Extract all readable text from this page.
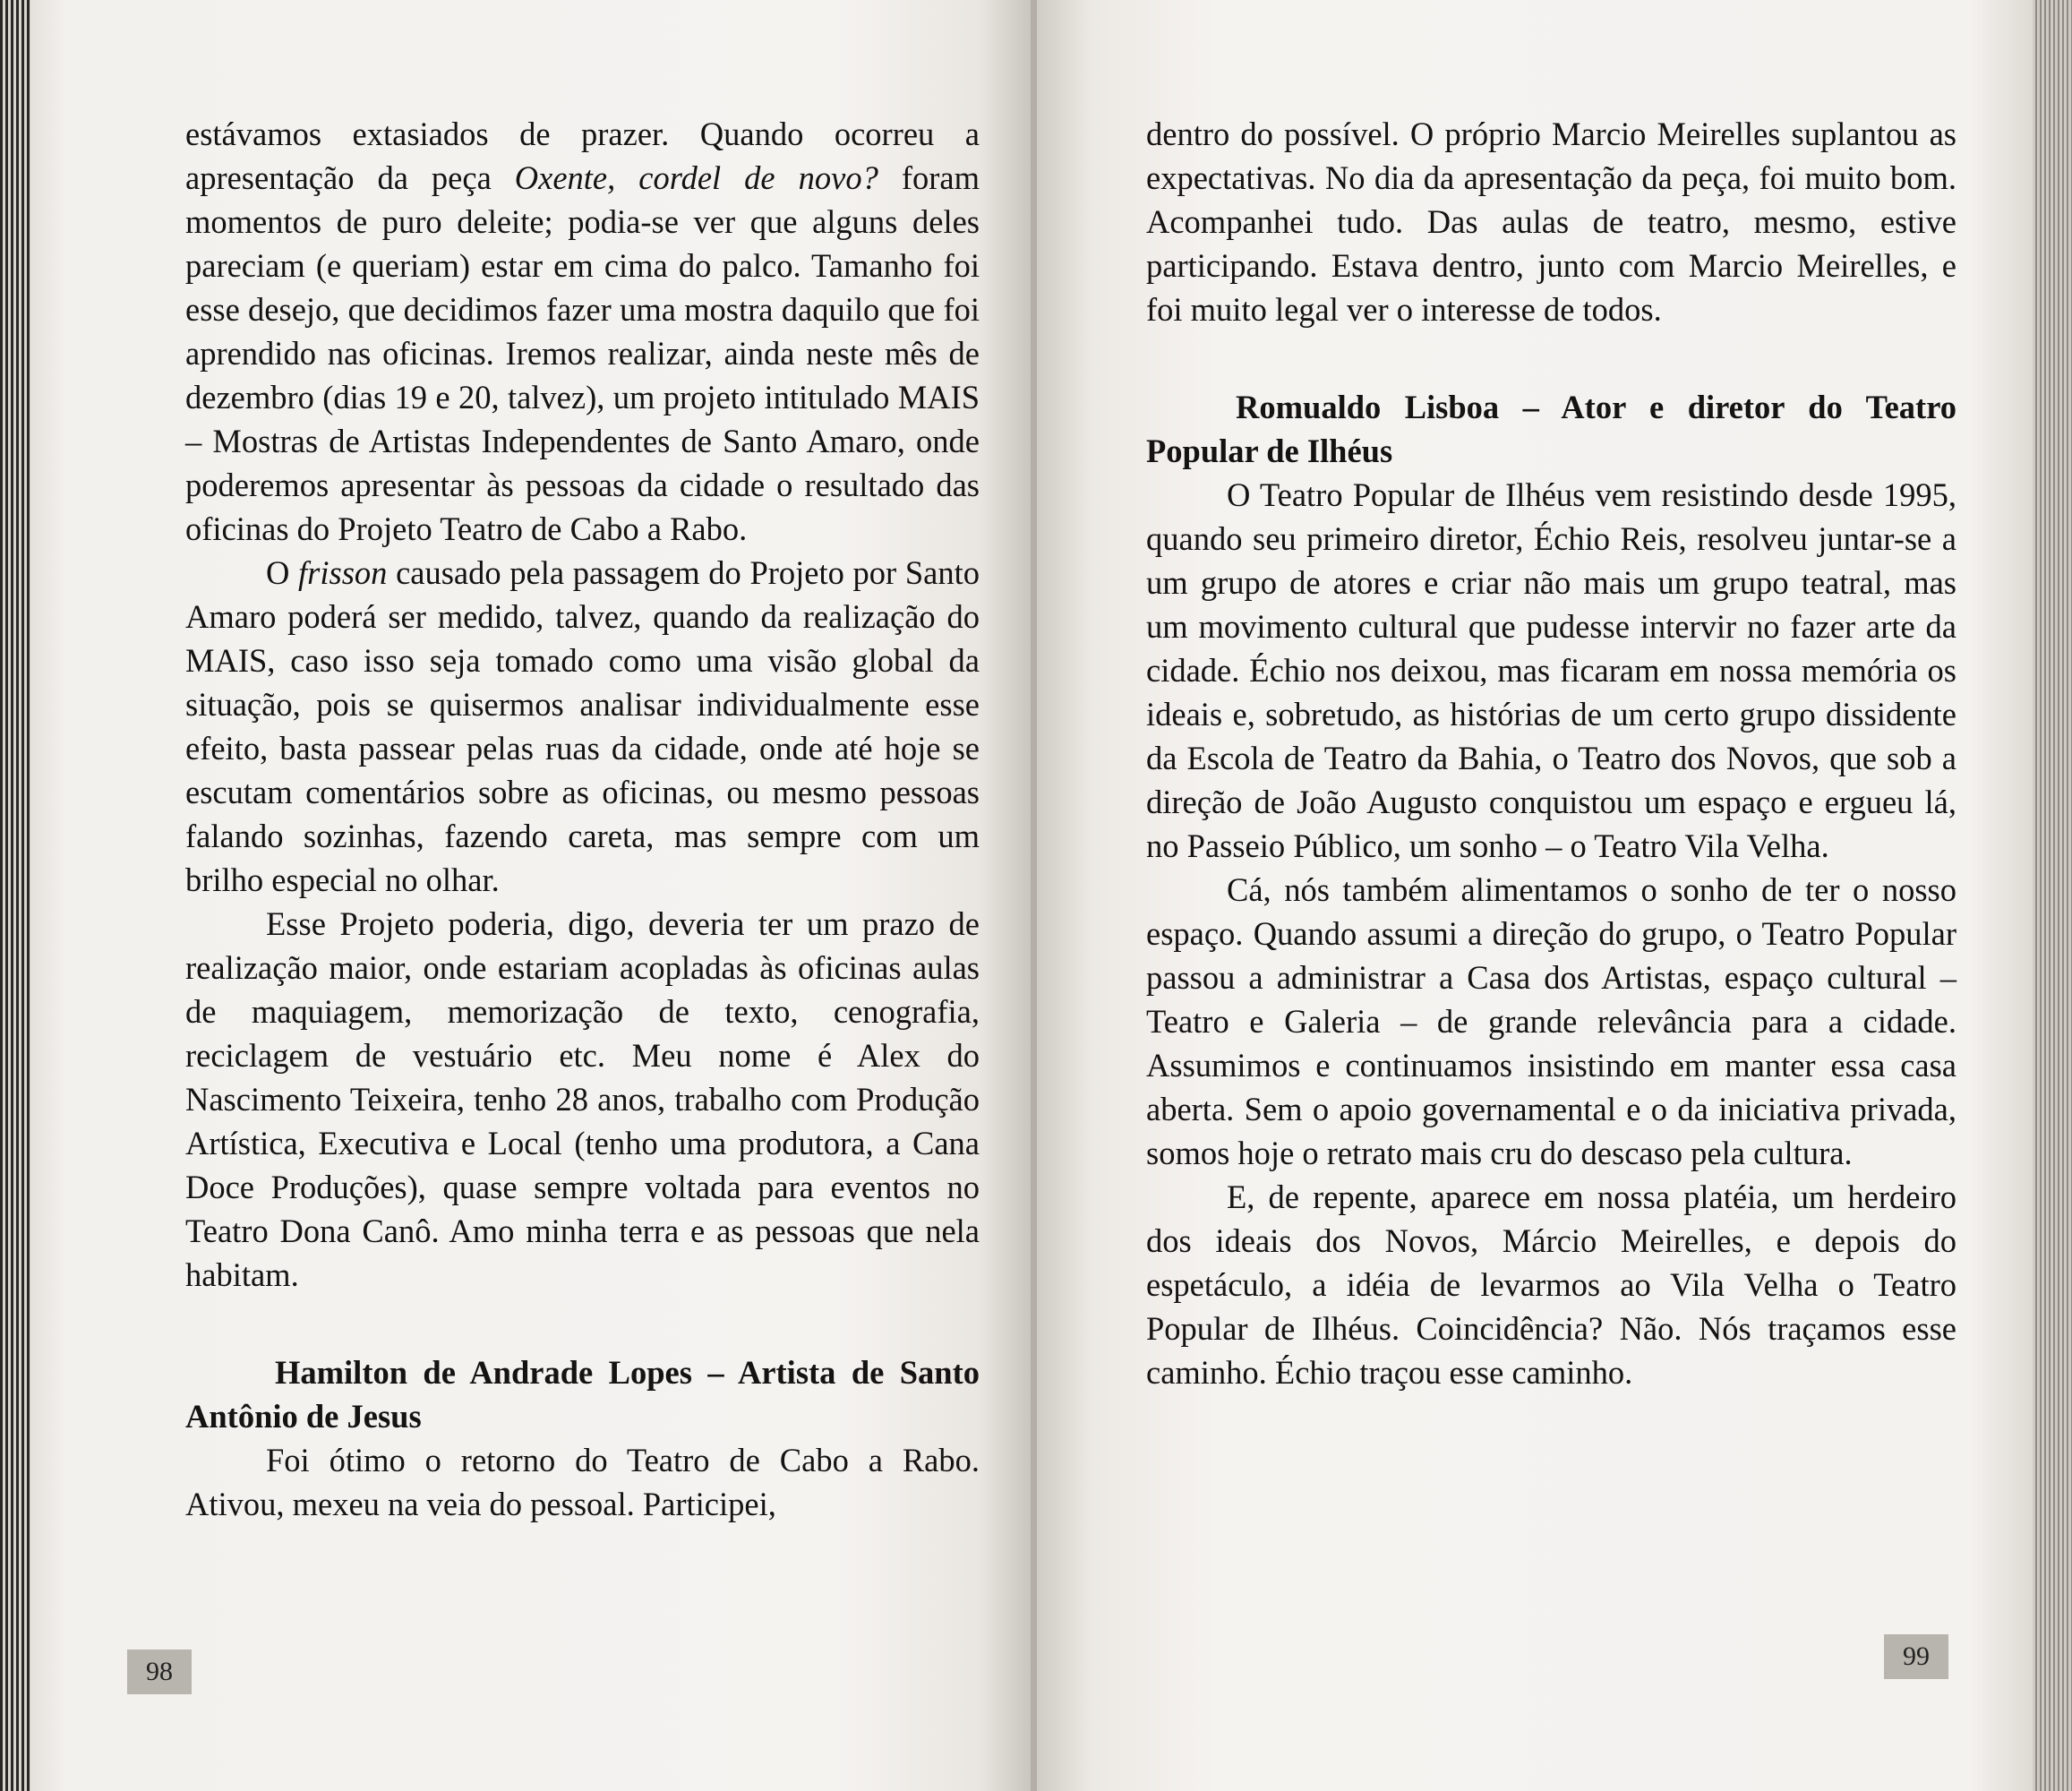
estávamos extasiados de prazer. Quando ocorreu a apresentação da peça Oxente, cordel de novo? foram momentos de puro deleite; podia-se ver que alguns deles pareciam (e queriam) estar em cima do palco. Tamanho foi esse desejo, que decidimos fazer uma mostra daquilo que foi aprendido nas oficinas. Iremos realizar, ainda neste mês de dezembro (dias 19 e 20, talvez), um projeto intitulado MAIS – Mostras de Artistas Independentes de Santo Amaro, onde poderemos apresentar às pessoas da cidade o resultado das oficinas do Projeto Teatro de Cabo a Rabo.

O frisson causado pela passagem do Projeto por Santo Amaro poderá ser medido, talvez, quando da realização do MAIS, caso isso seja tomado como uma visão global da situação, pois se quisermos analisar individualmente esse efeito, basta passear pelas ruas da cidade, onde até hoje se escutam comentários sobre as oficinas, ou mesmo pessoas falando sozinhas, fazendo careta, mas sempre com um brilho especial no olhar.

Esse Projeto poderia, digo, deveria ter um prazo de realização maior, onde estariam acopladas às oficinas aulas de maquiagem, memorização de texto, cenografia, reciclagem de vestuário etc. Meu nome é Alex do Nascimento Teixeira, tenho 28 anos, trabalho com Produção Artística, Executiva e Local (tenho uma produtora, a Cana Doce Produções), quase sempre voltada para eventos no Teatro Dona Canô. Amo minha terra e as pessoas que nela habitam.

Hamilton de Andrade Lopes – Artista de Santo Antônio de Jesus

Foi ótimo o retorno do Teatro de Cabo a Rabo. Ativou, mexeu na veia do pessoal. Participei,

98

dentro do possível. O próprio Marcio Meirelles suplantou as expectativas. No dia da apresentação da peça, foi muito bom. Acompanhei tudo. Das aulas de teatro, mesmo, estive participando. Estava dentro, junto com Marcio Meirelles, e foi muito legal ver o interesse de todos.

Romualdo Lisboa – Ator e diretor do Teatro Popular de Ilhéus

O Teatro Popular de Ilhéus vem resistindo desde 1995, quando seu primeiro diretor, Échio Reis, resolveu juntar-se a um grupo de atores e criar não mais um grupo teatral, mas um movimento cultural que pudesse intervir no fazer arte da cidade. Échio nos deixou, mas ficaram em nossa memória os ideais e, sobretudo, as histórias de um certo grupo dissidente da Escola de Teatro da Bahia, o Teatro dos Novos, que sob a direção de João Augusto conquistou um espaço e ergueu lá, no Passeio Público, um sonho – o Teatro Vila Velha.

Cá, nós também alimentamos o sonho de ter o nosso espaço. Quando assumi a direção do grupo, o Teatro Popular passou a administrar a Casa dos Artistas, espaço cultural – Teatro e Galeria – de grande relevância para a cidade. Assumimos e continuamos insistindo em manter essa casa aberta. Sem o apoio governamental e o da iniciativa privada, somos hoje o retrato mais cru do descaso pela cultura.

E, de repente, aparece em nossa platéia, um herdeiro dos ideais dos Novos, Márcio Meirelles, e depois do espetáculo, a idéia de levarmos ao Vila Velha o Teatro Popular de Ilhéus. Coincidência? Não. Nós traçamos esse caminho. Échio traçou esse caminho.

99
